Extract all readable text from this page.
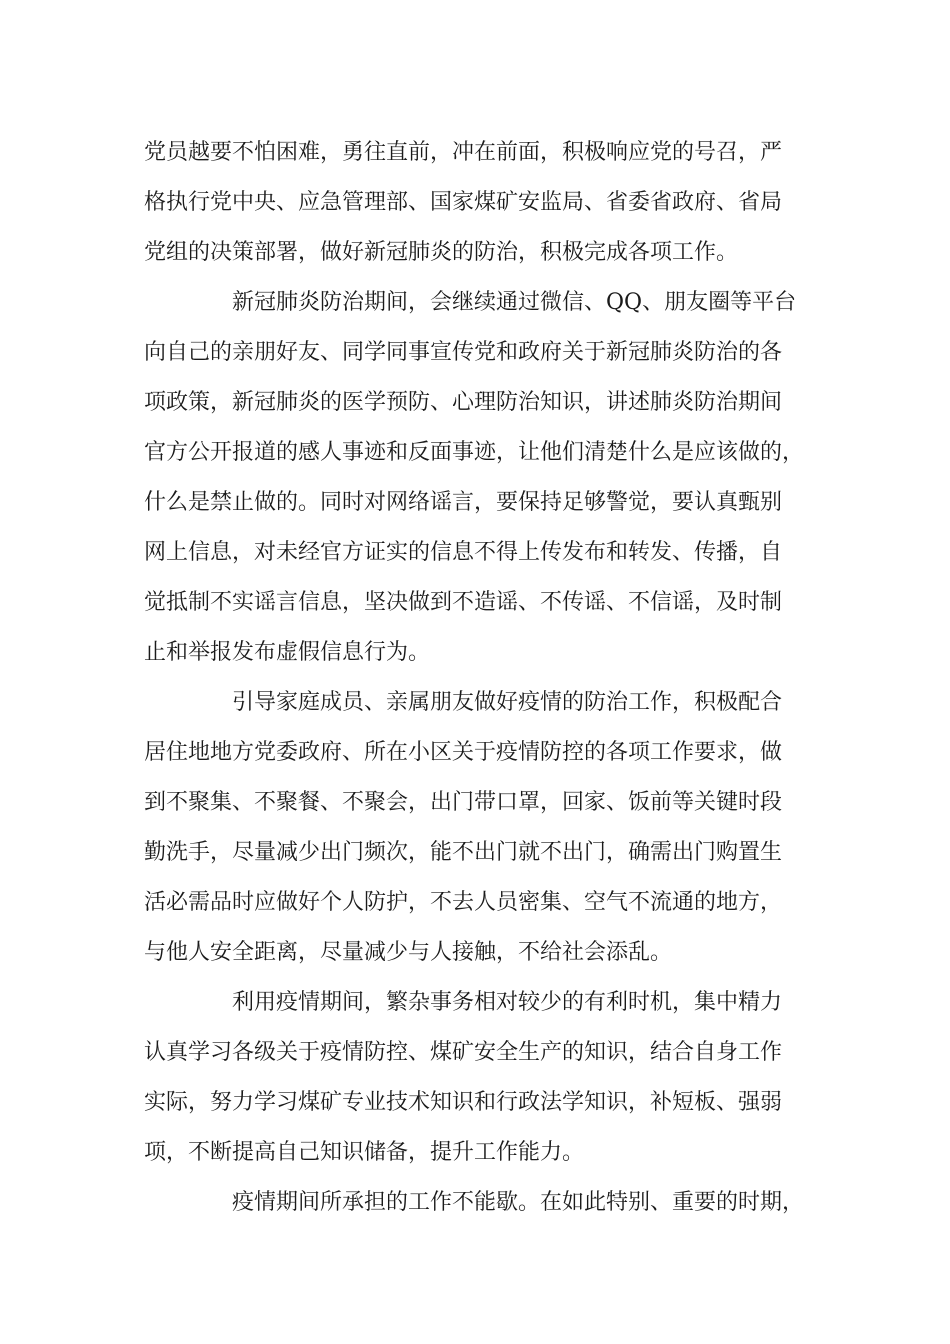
党员越要不怕困难，勇往直前，冲在前面，积极响应党的号召，严
格执行党中央、应急管理部、国家煤矿安监局、省委省政府、省局
党组的决策部署，做好新冠肺炎的防治，积极完成各项工作。
新冠肺炎防治期间，会继续通过微信、QQ、朋友圈等平台
向自己的亲朋好友、同学同事宣传党和政府关于新冠肺炎防治的各
项政策，新冠肺炎的医学预防、心理防治知识，讲述肺炎防治期间
官方公开报道的感人事迹和反面事迹，让他们清楚什么是应该做的，
什么是禁止做的。同时对网络谣言，要保持足够警觉，要认真甄别
网上信息，对未经官方证实的信息不得上传发布和转发、传播，自
觉抵制不实谣言信息，坚决做到不造谣、不传谣、不信谣，及时制
止和举报发布虚假信息行为。
引导家庭成员、亲属朋友做好疫情的防治工作，积极配合
居住地地方党委政府、所在小区关于疫情防控的各项工作要求，做
到不聚集、不聚餐、不聚会，出门带口罩，回家、饭前等关键时段
勤洗手，尽量减少出门频次，能不出门就不出门，确需出门购置生
活必需品时应做好个人防护，不去人员密集、空气不流通的地方，
与他人安全距离，尽量减少与人接触，不给社会添乱。
利用疫情期间，繁杂事务相对较少的有利时机，集中精力
认真学习各级关于疫情防控、煤矿安全生产的知识，结合自身工作
实际，努力学习煤矿专业技术知识和行政法学知识，补短板、强弱
项，不断提高自己知识储备，提升工作能力。
疫情期间所承担的工作不能歇。在如此特别、重要的时期，
